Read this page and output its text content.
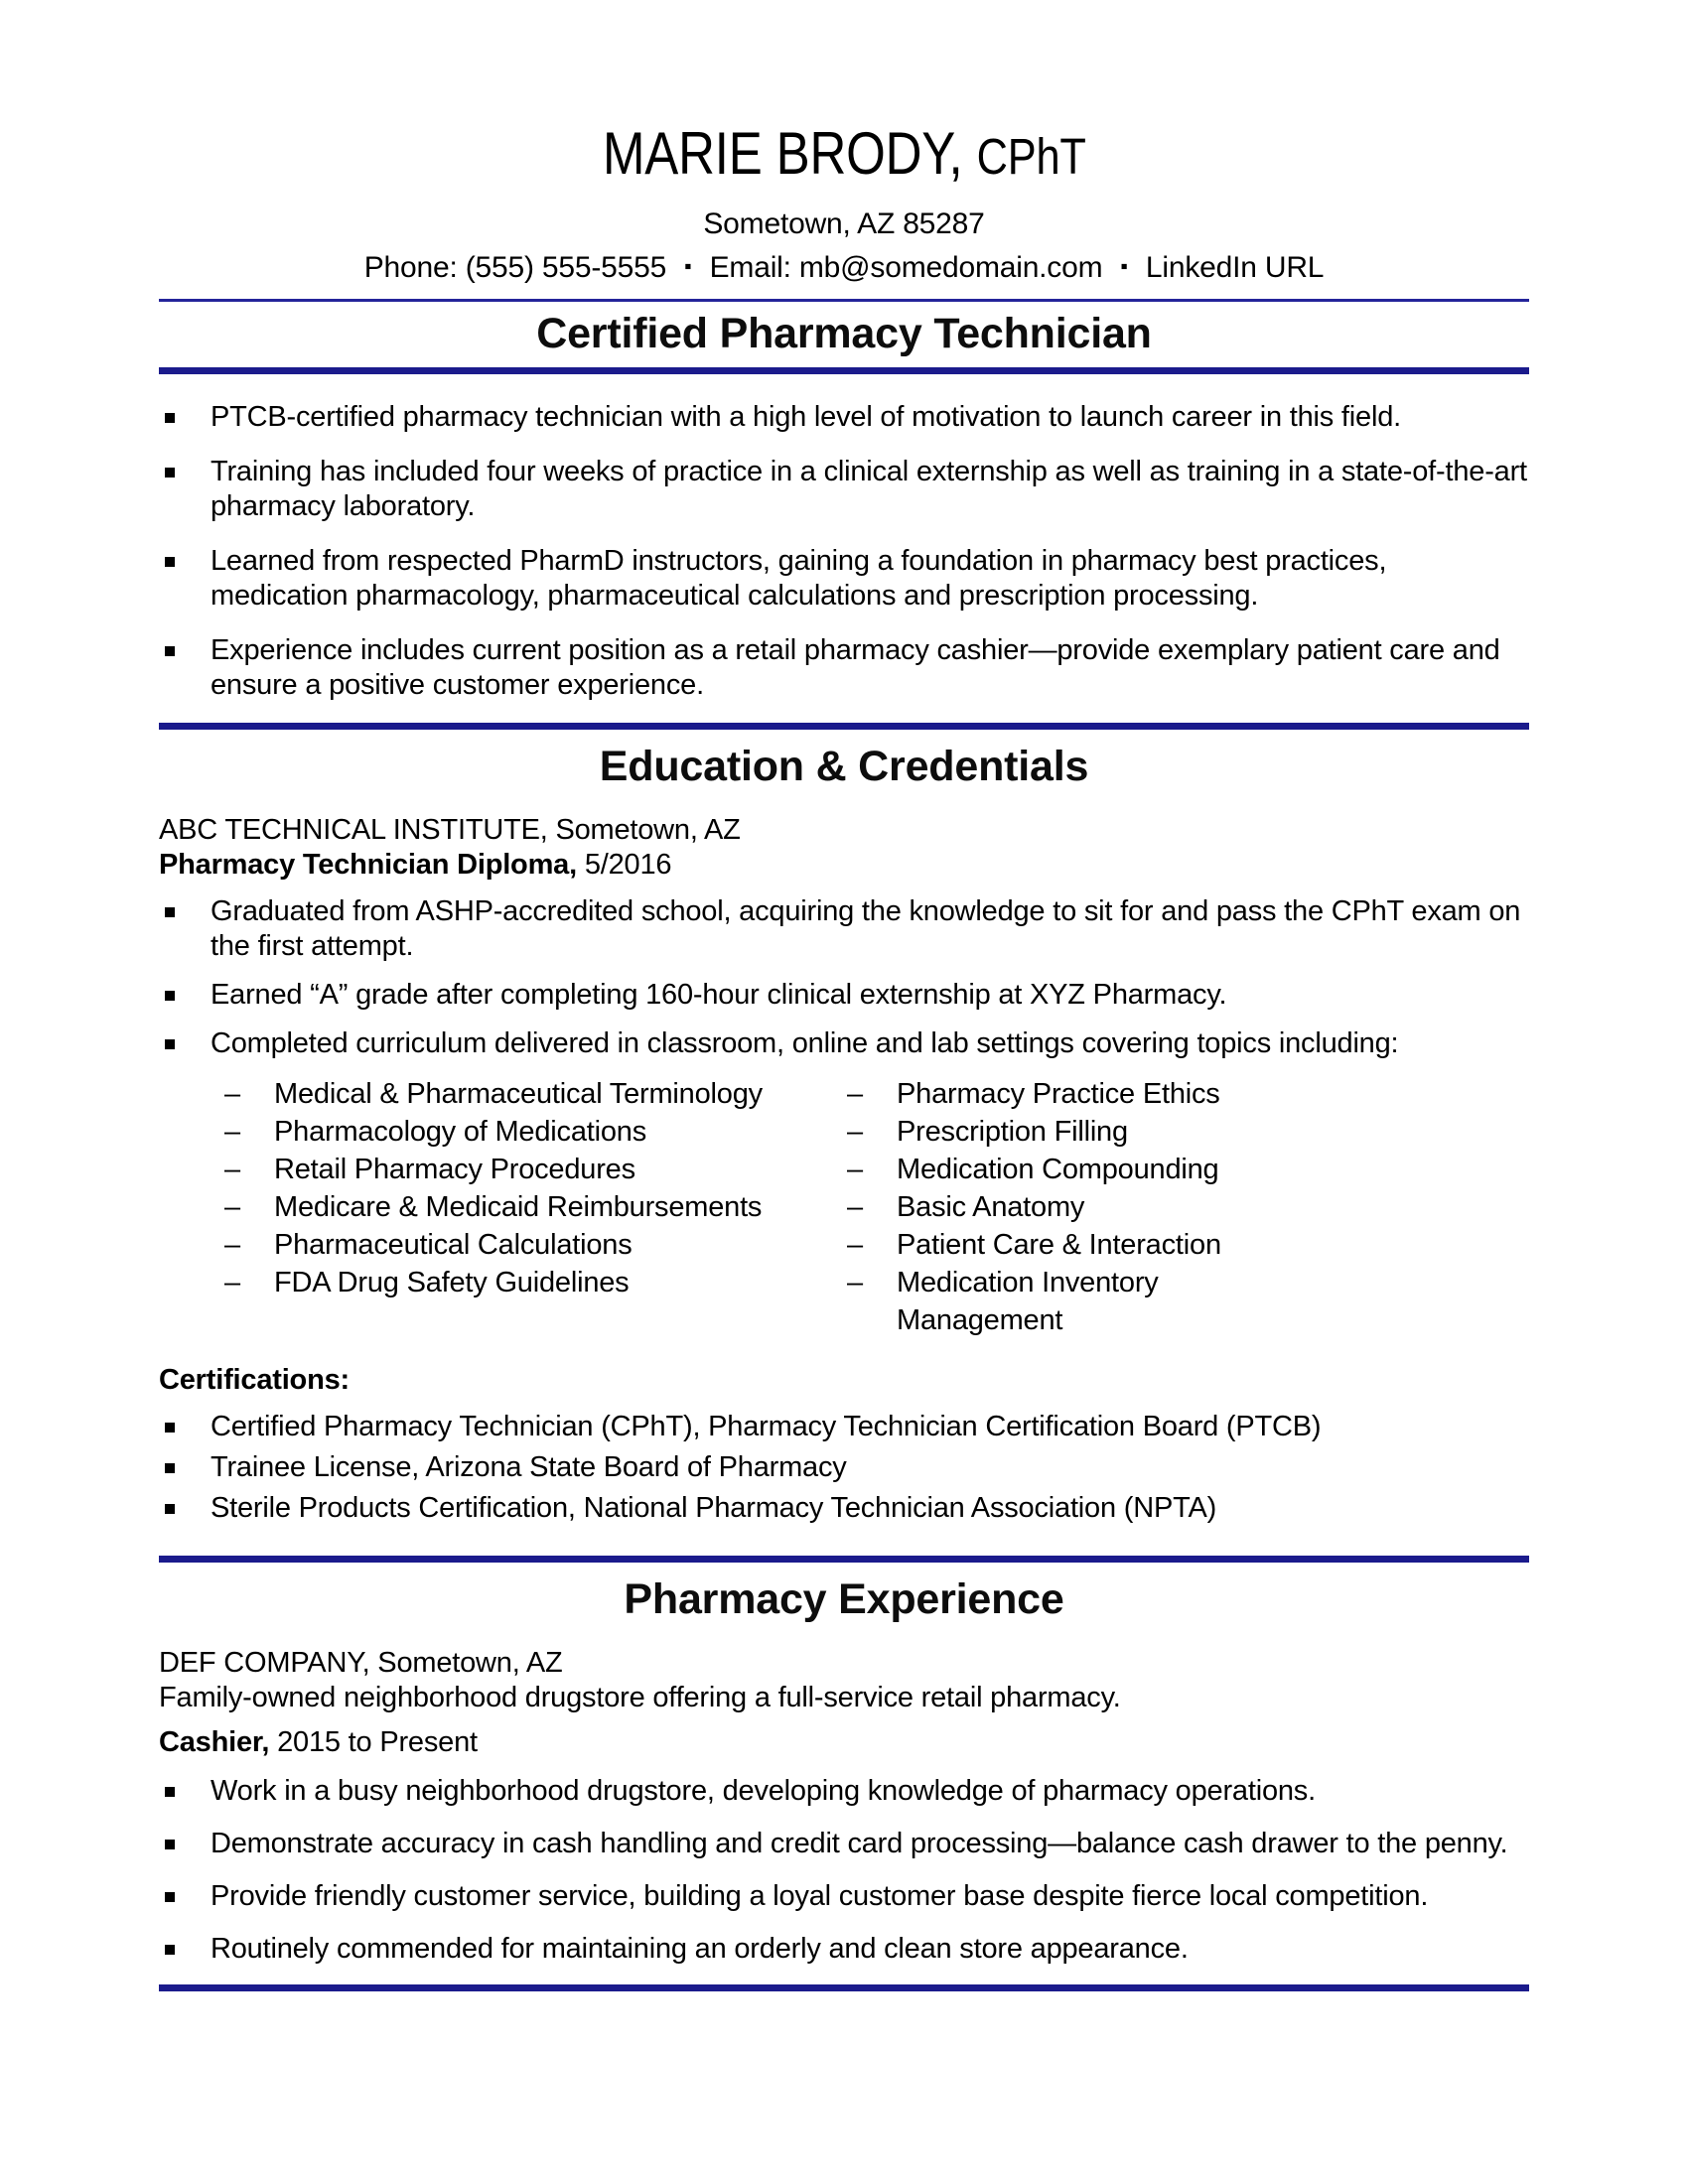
MARIE BRODY, CPhT
Sometown, AZ 85287
Phone: (555) 555-5555 ▪ Email: mb@somedomain.com ▪ LinkedIn URL
Certified Pharmacy Technician
PTCB-certified pharmacy technician with a high level of motivation to launch career in this field.
Training has included four weeks of practice in a clinical externship as well as training in a state-of-the-art pharmacy laboratory.
Learned from respected PharmD instructors, gaining a foundation in pharmacy best practices, medication pharmacology, pharmaceutical calculations and prescription processing.
Experience includes current position as a retail pharmacy cashier—provide exemplary patient care and ensure a positive customer experience.
Education & Credentials
ABC TECHNICAL INSTITUTE, Sometown, AZ
Pharmacy Technician Diploma, 5/2016
Graduated from ASHP-accredited school, acquiring the knowledge to sit for and pass the CPhT exam on the first attempt.
Earned “A” grade after completing 160-hour clinical externship at XYZ Pharmacy.
Completed curriculum delivered in classroom, online and lab settings covering topics including:
– Medical & Pharmaceutical Terminology
– Pharmacology of Medications
– Retail Pharmacy Procedures
– Medicare & Medicaid Reimbursements
– Pharmaceutical Calculations
– FDA Drug Safety Guidelines
– Pharmacy Practice Ethics
– Prescription Filling
– Medication Compounding
– Basic Anatomy
– Patient Care & Interaction
– Medication Inventory Management
Certifications:
Certified Pharmacy Technician (CPhT), Pharmacy Technician Certification Board (PTCB)
Trainee License, Arizona State Board of Pharmacy
Sterile Products Certification, National Pharmacy Technician Association (NPTA)
Pharmacy Experience
DEF COMPANY, Sometown, AZ
Family-owned neighborhood drugstore offering a full-service retail pharmacy.
Cashier, 2015 to Present
Work in a busy neighborhood drugstore, developing knowledge of pharmacy operations.
Demonstrate accuracy in cash handling and credit card processing—balance cash drawer to the penny.
Provide friendly customer service, building a loyal customer base despite fierce local competition.
Routinely commended for maintaining an orderly and clean store appearance.
